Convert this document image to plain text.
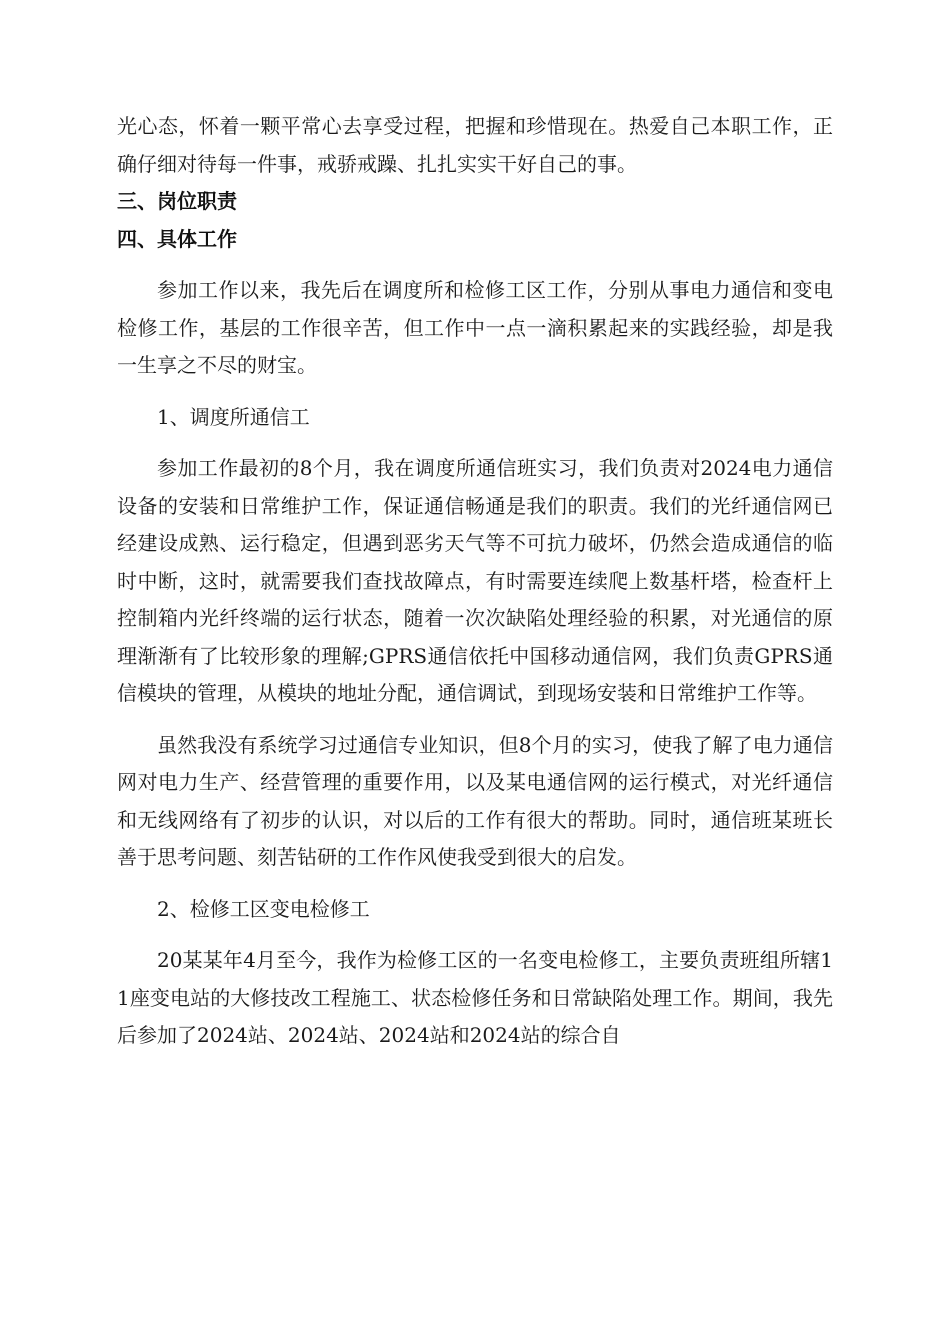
光心态，怀着一颗平常心去享受过程，把握和珍惜现在。热爱自己本职工作，正确仔细对待每一件事，戒骄戒躁、扎扎实实干好自己的事。

三、岗位职责

四、具体工作

参加工作以来，我先后在调度所和检修工区工作，分别从事电力通信和变电检修工作，基层的工作很辛苦，但工作中一点一滴积累起来的实践经验，却是我一生享之不尽的财宝。

1、调度所通信工

参加工作最初的8个月，我在调度所通信班实习，我们负责对2024电力通信设备的安装和日常维护工作，保证通信畅通是我们的职责。我们的光纤通信网已经建设成熟、运行稳定，但遇到恶劣天气等不可抗力破坏，仍然会造成通信的临时中断，这时，就需要我们查找故障点，有时需要连续爬上数基杆塔，检查杆上控制箱内光纤终端的运行状态，随着一次次缺陷处理经验的积累，对光通信的原理渐渐有了比较形象的理解;GPRS通信依托中国移动通信网，我们负责GPRS通信模块的管理，从模块的地址分配，通信调试，到现场安装和日常维护工作等。

虽然我没有系统学习过通信专业知识，但8个月的实习，使我了解了电力通信网对电力生产、经营管理的重要作用，以及某电通信网的运行模式，对光纤通信和无线网络有了初步的认识，对以后的工作有很大的帮助。同时，通信班某班长善于思考问题、刻苦钻研的工作作风使我受到很大的启发。

2、检修工区变电检修工

20某某年4月至今，我作为检修工区的一名变电检修工，主要负责班组所辖11座变电站的大修技改工程施工、状态检修任务和日常缺陷处理工作。期间，我先后参加了2024站、2024站、2024站和2024站的综合自
